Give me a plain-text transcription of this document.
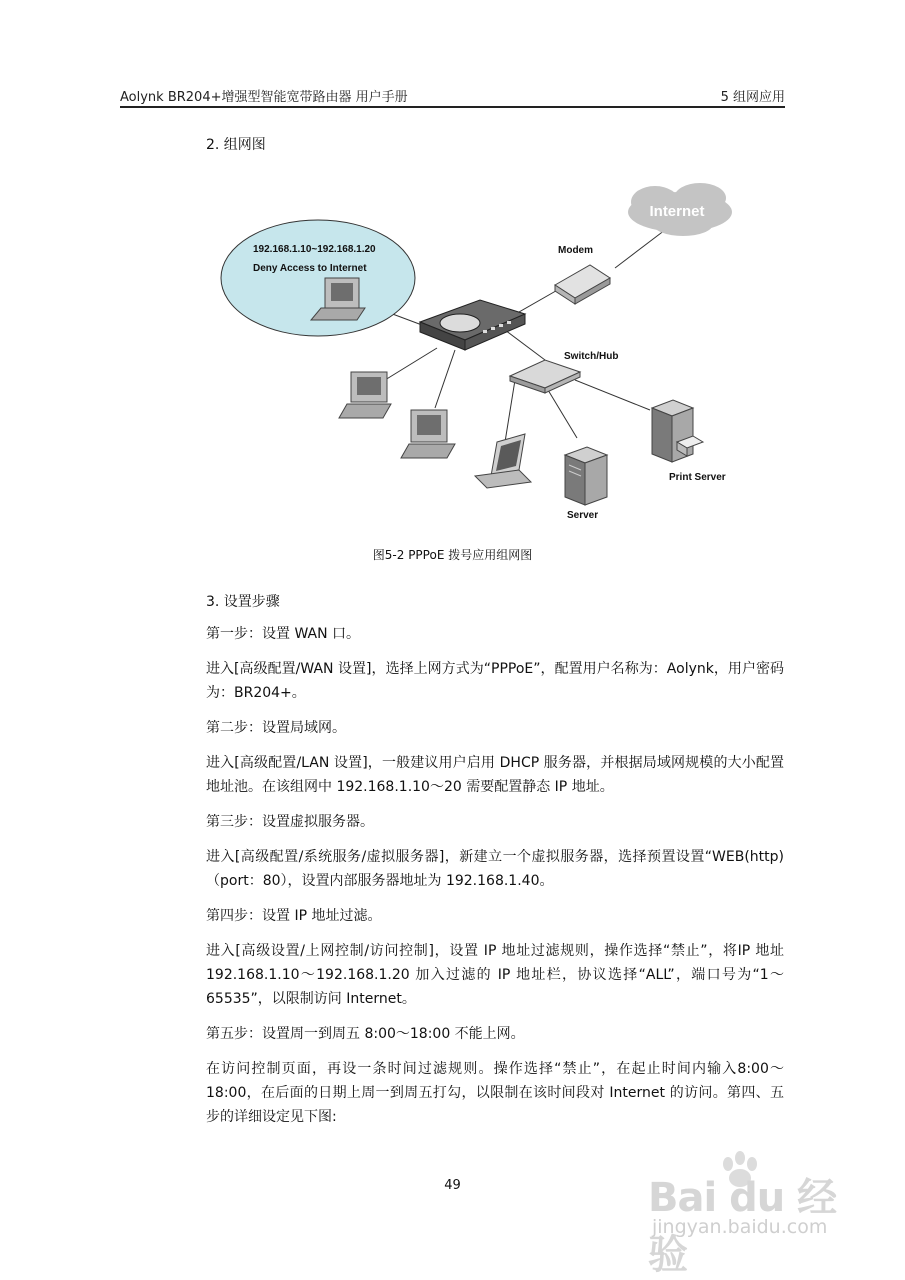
Aolynk BR204+增强型智能宽带路由器 用户手册	5 组网应用
2. 组网图
192.168.1.10~192.168.1.20
Deny Access to Internet
Internet
Modem
Switch/Hub
Server
Print Server
图5-2 PPPoE 拨号应用组网图
3. 设置步骤

第一步：设置 WAN 口。

进入[高级配置/WAN 设置]，选择上网方式为“PPPoE”，配置用户名称为：Aolynk，用户密码为：BR204+。

第二步：设置局域网。

进入[高级配置/LAN 设置]，一般建议用户启用 DHCP 服务器，并根据局域网规模的大小配置地址池。在该组网中 192.168.1.10～20 需要配置静态 IP 地址。

第三步：设置虚拟服务器。

进入[高级配置/系统服务/虚拟服务器]，新建立一个虚拟服务器，选择预置设置“WEB(http)（port：80），设置内部服务器地址为 192.168.1.40。

第四步：设置 IP 地址过滤。

进入[高级设置/上网控制/访问控制]，设置 IP 地址过滤规则，操作选择“禁止”，将IP 地址 192.168.1.10～192.168.1.20 加入过滤的 IP 地址栏，协议选择“ALL”，端口号为“1～65535”，以限制访问 Internet。

第五步：设置周一到周五 8:00～18:00 不能上网。

在访问控制页面，再设一条时间过滤规则。操作选择“禁止”，在起止时间内输入8:00～18:00，在后面的日期上周一到周五打勾，以限制在该时间段对 Internet 的访问。第四、五步的详细设定见下图:

49	Bai du 经验
jingyan.baidu.com
